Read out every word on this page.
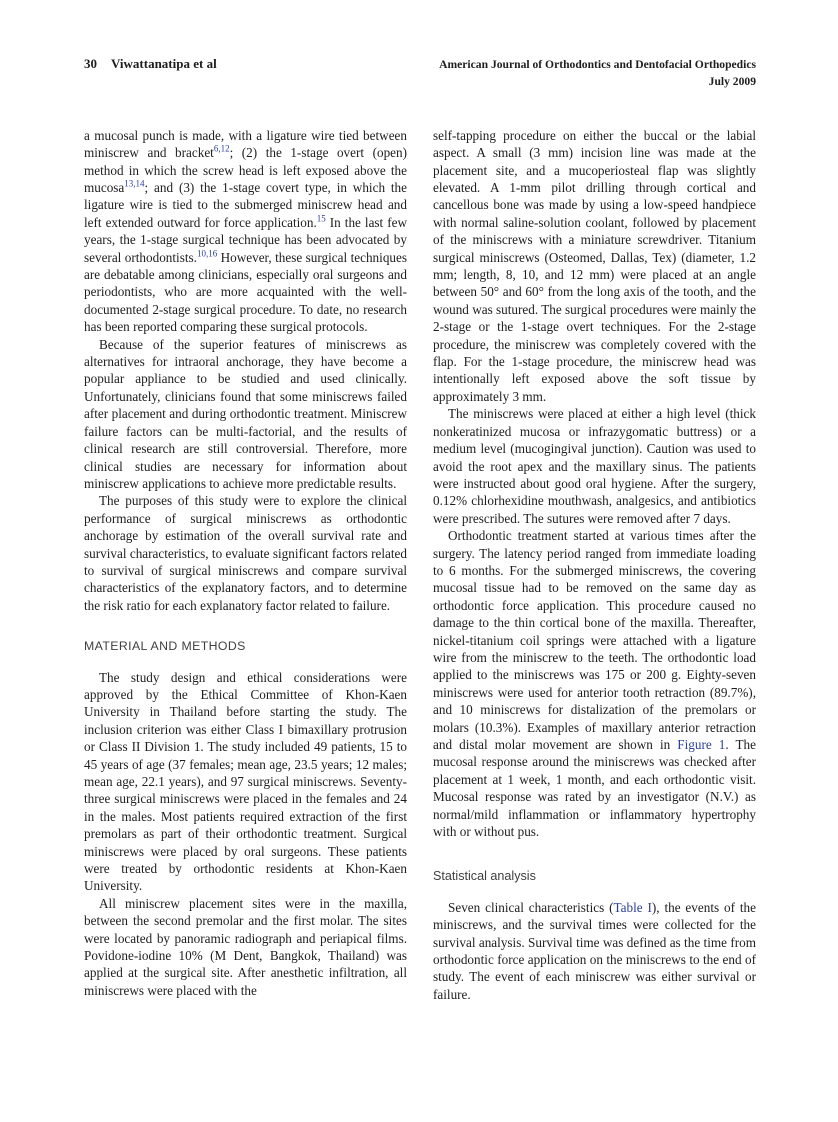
30 Viwattanatipa et al	American Journal of Orthodontics and Dentofacial Orthopedics
July 2009

a mucosal punch is made, with a ligature wire tied between miniscrew and bracket$^{6,12}$; (2) the 1-stage overt (open) method in which the screw head is left exposed above the mucosa$^{13,14}$; and (3) the 1-stage covert type, in which the ligature wire is tied to the submerged miniscrew head and left extended outward for force application.$^{15}$ In the last few years, the 1-stage surgical technique has been advocated by several orthodontists.$^{10,16}$ However, these surgical techniques are debatable among clinicians, especially oral surgeons and periodontists, who are more acquainted with the well-documented 2-stage surgical procedure. To date, no research has been reported comparing these surgical protocols.

Because of the superior features of miniscrews as alternatives for intraoral anchorage, they have become a popular appliance to be studied and used clinically. Unfortunately, clinicians found that some miniscrews failed after placement and during orthodontic treatment. Miniscrew failure factors can be multi-factorial, and the results of clinical research are still controversial. Therefore, more clinical studies are necessary for information about miniscrew applications to achieve more predictable results.

The purposes of this study were to explore the clinical performance of surgical miniscrews as orthodontic anchorage by estimation of the overall survival rate and survival characteristics, to evaluate significant factors related to survival of surgical miniscrews and compare survival characteristics of the explanatory factors, and to determine the risk ratio for each explanatory factor related to failure.

MATERIAL AND METHODS

The study design and ethical considerations were approved by the Ethical Committee of Khon-Kaen University in Thailand before starting the study. The inclusion criterion was either Class I bimaxillary protrusion or Class II Division 1. The study included 49 patients, 15 to 45 years of age (37 females; mean age, 23.5 years; 12 males; mean age, 22.1 years), and 97 surgical miniscrews. Seventy-three surgical miniscrews were placed in the females and 24 in the males. Most patients required extraction of the first premolars as part of their orthodontic treatment. Surgical miniscrews were placed by oral surgeons. These patients were treated by orthodontic residents at Khon-Kaen University.

All miniscrew placement sites were in the maxilla, between the second premolar and the first molar. The sites were located by panoramic radiograph and periapical films. Povidone-iodine 10% (M Dent, Bangkok, Thailand) was applied at the surgical site. After anesthetic infiltration, all miniscrews were placed with the

self-tapping procedure on either the buccal or the labial aspect. A small (3 mm) incision line was made at the placement site, and a mucoperiosteal flap was slightly elevated. A 1-mm pilot drilling through cortical and cancellous bone was made by using a low-speed handpiece with normal saline-solution coolant, followed by placement of the miniscrews with a miniature screwdriver. Titanium surgical miniscrews (Osteomed, Dallas, Tex) (diameter, 1.2 mm; length, 8, 10, and 12 mm) were placed at an angle between 50° and 60° from the long axis of the tooth, and the wound was sutured. The surgical procedures were mainly the 2-stage or the 1-stage overt techniques. For the 2-stage procedure, the miniscrew was completely covered with the flap. For the 1-stage procedure, the miniscrew head was intentionally left exposed above the soft tissue by approximately 3 mm.

The miniscrews were placed at either a high level (thick nonkeratinized mucosa or infrazygomatic buttress) or a medium level (mucogingival junction). Caution was used to avoid the root apex and the maxillary sinus. The patients were instructed about good oral hygiene. After the surgery, 0.12% chlorhexidine mouthwash, analgesics, and antibiotics were prescribed. The sutures were removed after 7 days.

Orthodontic treatment started at various times after the surgery. The latency period ranged from immediate loading to 6 months. For the submerged miniscrews, the covering mucosal tissue had to be removed on the same day as orthodontic force application. This procedure caused no damage to the thin cortical bone of the maxilla. Thereafter, nickel-titanium coil springs were attached with a ligature wire from the miniscrew to the teeth. The orthodontic load applied to the miniscrews was 175 or 200 g. Eighty-seven miniscrews were used for anterior tooth retraction (89.7%), and 10 miniscrews for distalization of the premolars or molars (10.3%). Examples of maxillary anterior retraction and distal molar movement are shown in Figure 1. The mucosal response around the miniscrews was checked after placement at 1 week, 1 month, and each orthodontic visit. Mucosal response was rated by an investigator (N.V.) as normal/mild inflammation or inflammatory hypertrophy with or without pus.

Statistical analysis

Seven clinical characteristics (Table I), the events of the miniscrews, and the survival times were collected for the survival analysis. Survival time was defined as the time from orthodontic force application on the miniscrews to the end of study. The event of each miniscrew was either survival or failure.
